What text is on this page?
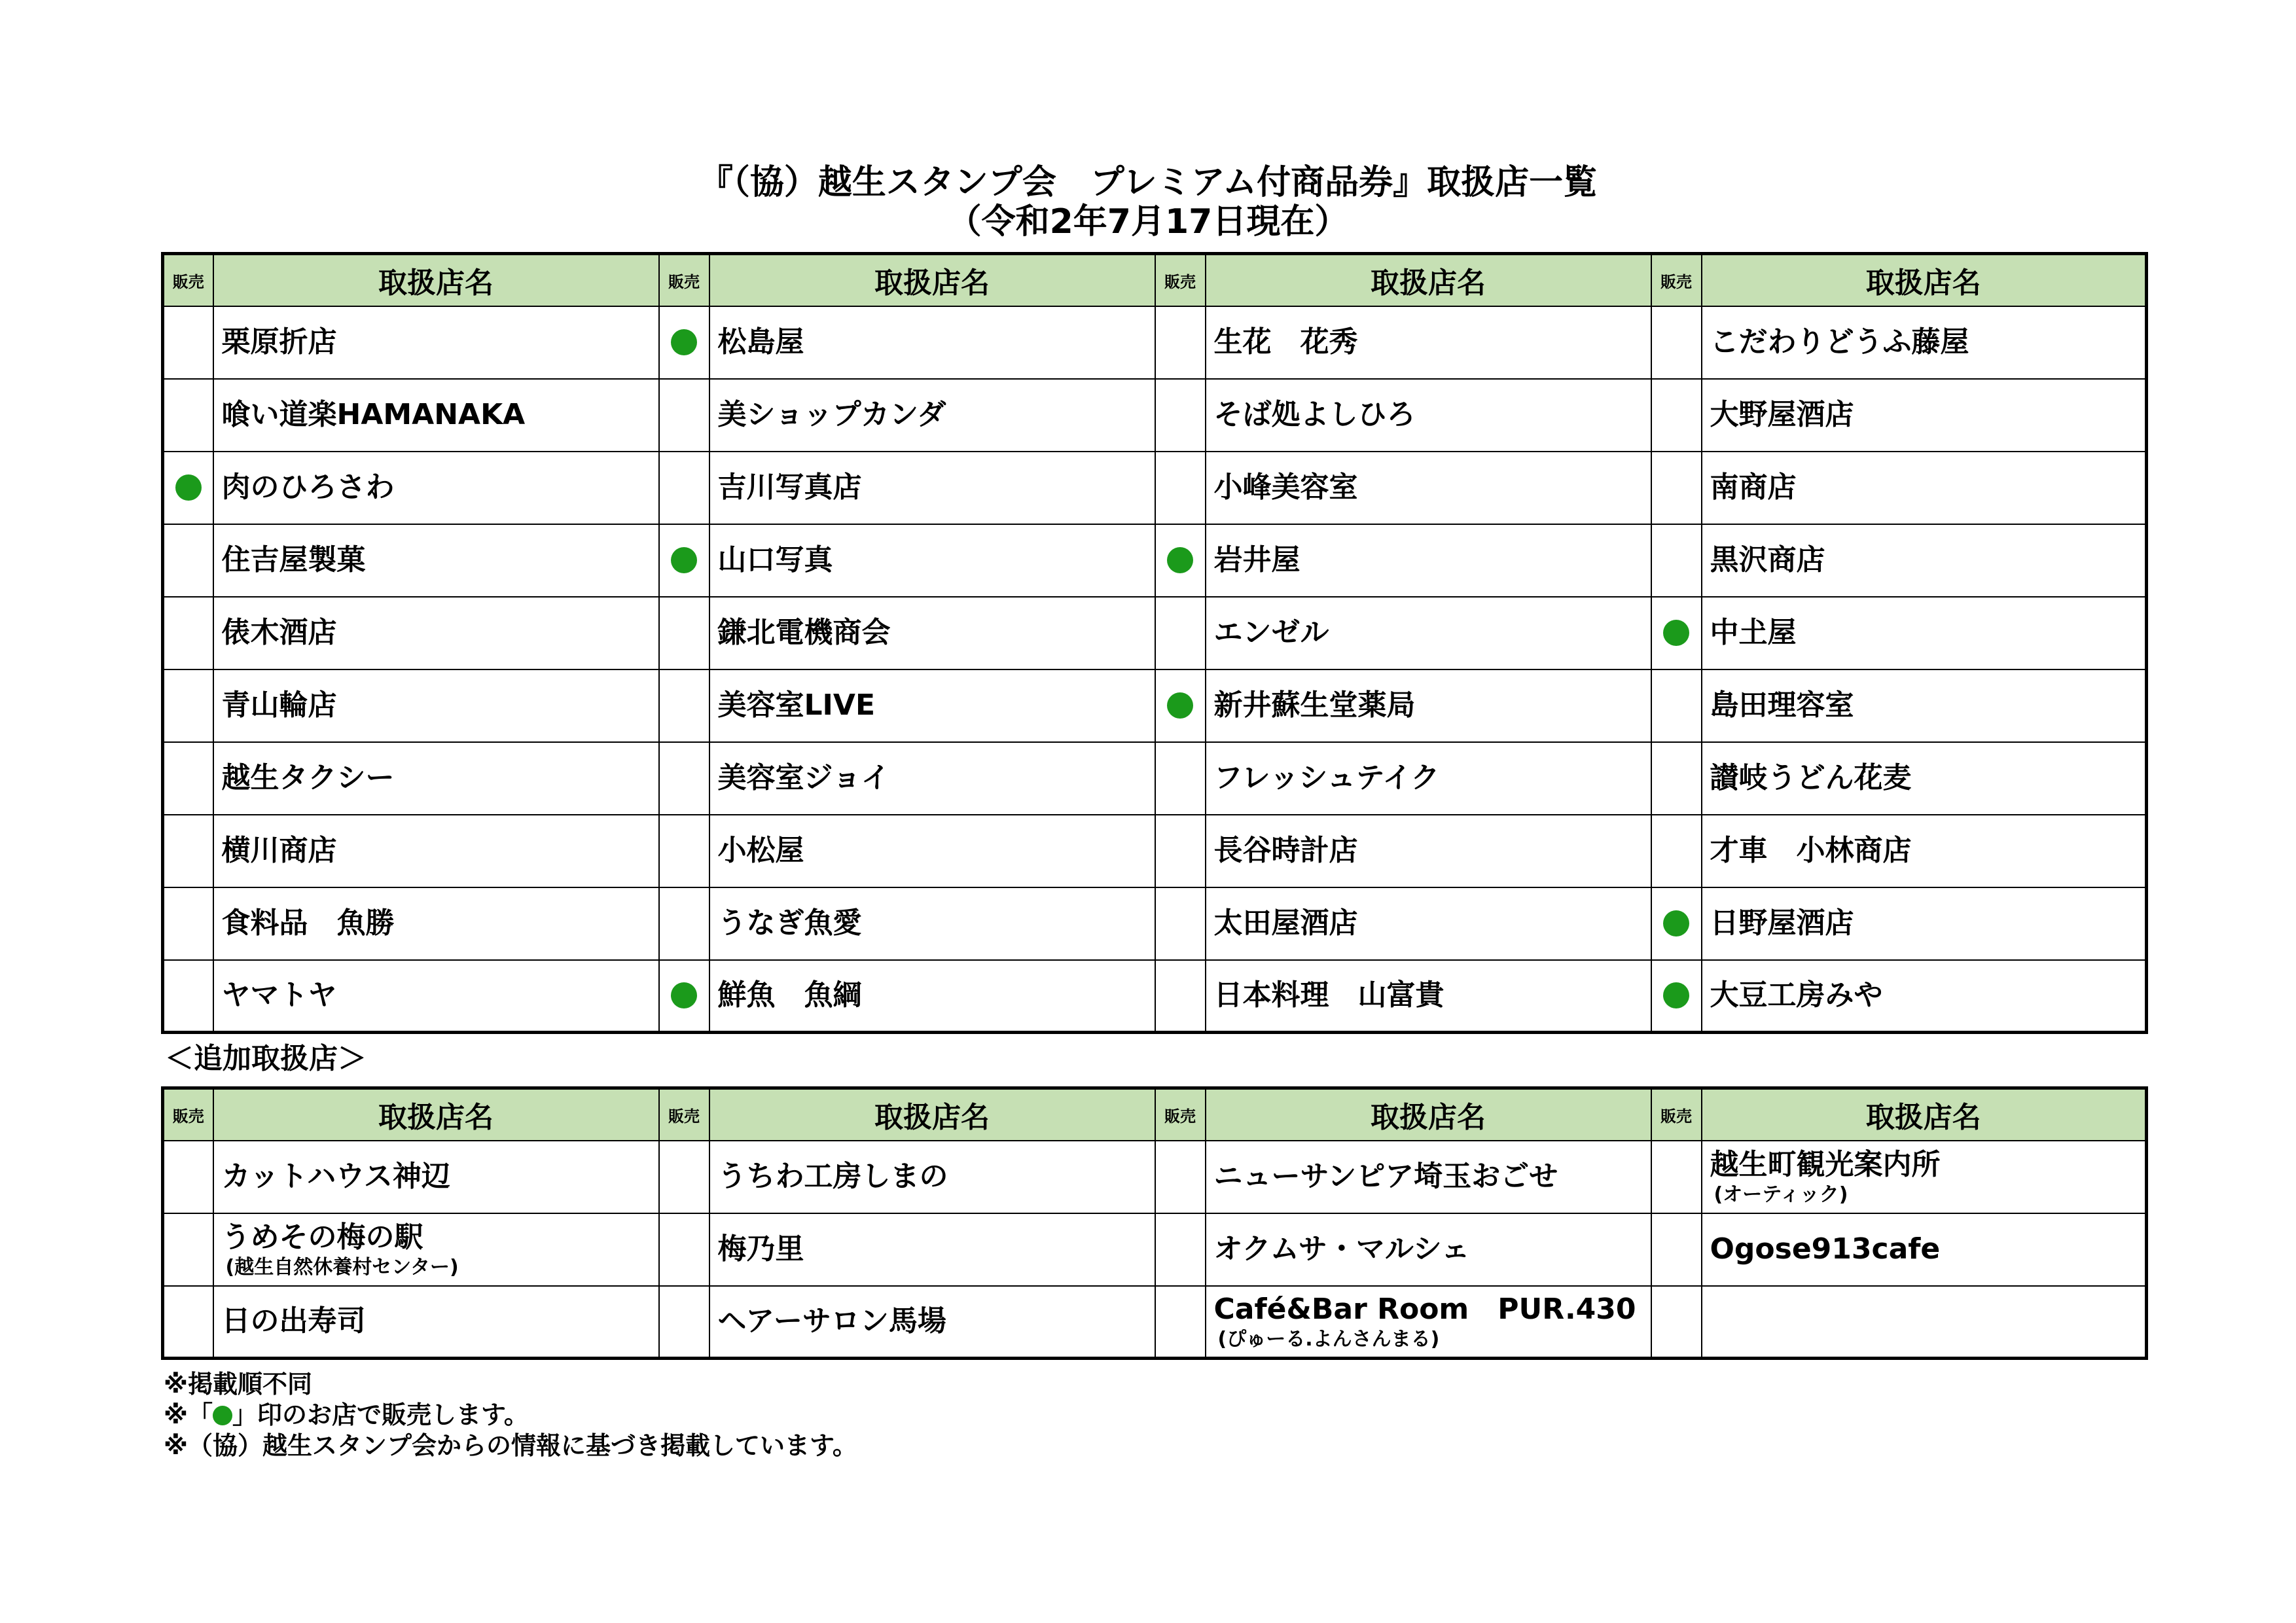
『（協）越生スタンプ会　プレミアム付商品券』取扱店一覧
（令和2年7月17日現在）
販売	取扱店名	販売	取扱店名	販売	取扱店名	販売	取扱店名

	栗原折店		松島屋		生花　花秀		こだわりどうふ藤屋

	喰い道楽HAMANAKA		美ショップカンダ		そば処よしひろ		大野屋酒店

	肉のひろさわ		吉川写真店		小峰美容室		南商店

	住吉屋製菓		山口写真		岩井屋		黒沢商店

	俵木酒店		鎌北電機商会		エンゼル		中𡈽屋

	青山輪店		美容室LIVE		新井蘇生堂薬局		島田理容室

	越生タクシー		美容室ジョイ		フレッシュテイク		讃岐うどん花麦

	横川商店		小松屋		長谷時計店		才車　小林商店

	食料品　魚勝		うなぎ魚愛		太田屋酒店		日野屋酒店

	ヤマトヤ		鮮魚　魚綱		日本料理　山富貴		大豆工房みや

＜追加取扱店＞

販売	取扱店名	販売	取扱店名	販売	取扱店名	販売	取扱店名

	カットハウス神辺		うちわ工房しまの		ニューサンピア埼玉おごせ		越生町観光案内所
(オーティック)

	うめその梅の駅
(越生自然休養村センター)		梅乃里		オクムサ・マルシェ		Ogose913cafe

	日の出寿司		ヘアーサロン馬場		Café&Bar Room　PUR.430
(ぴゅーる.よんさんまる)		

※掲載順不同
※「 」印のお店で販売します。
※（協）越生スタンプ会からの情報に基づき掲載しています。
